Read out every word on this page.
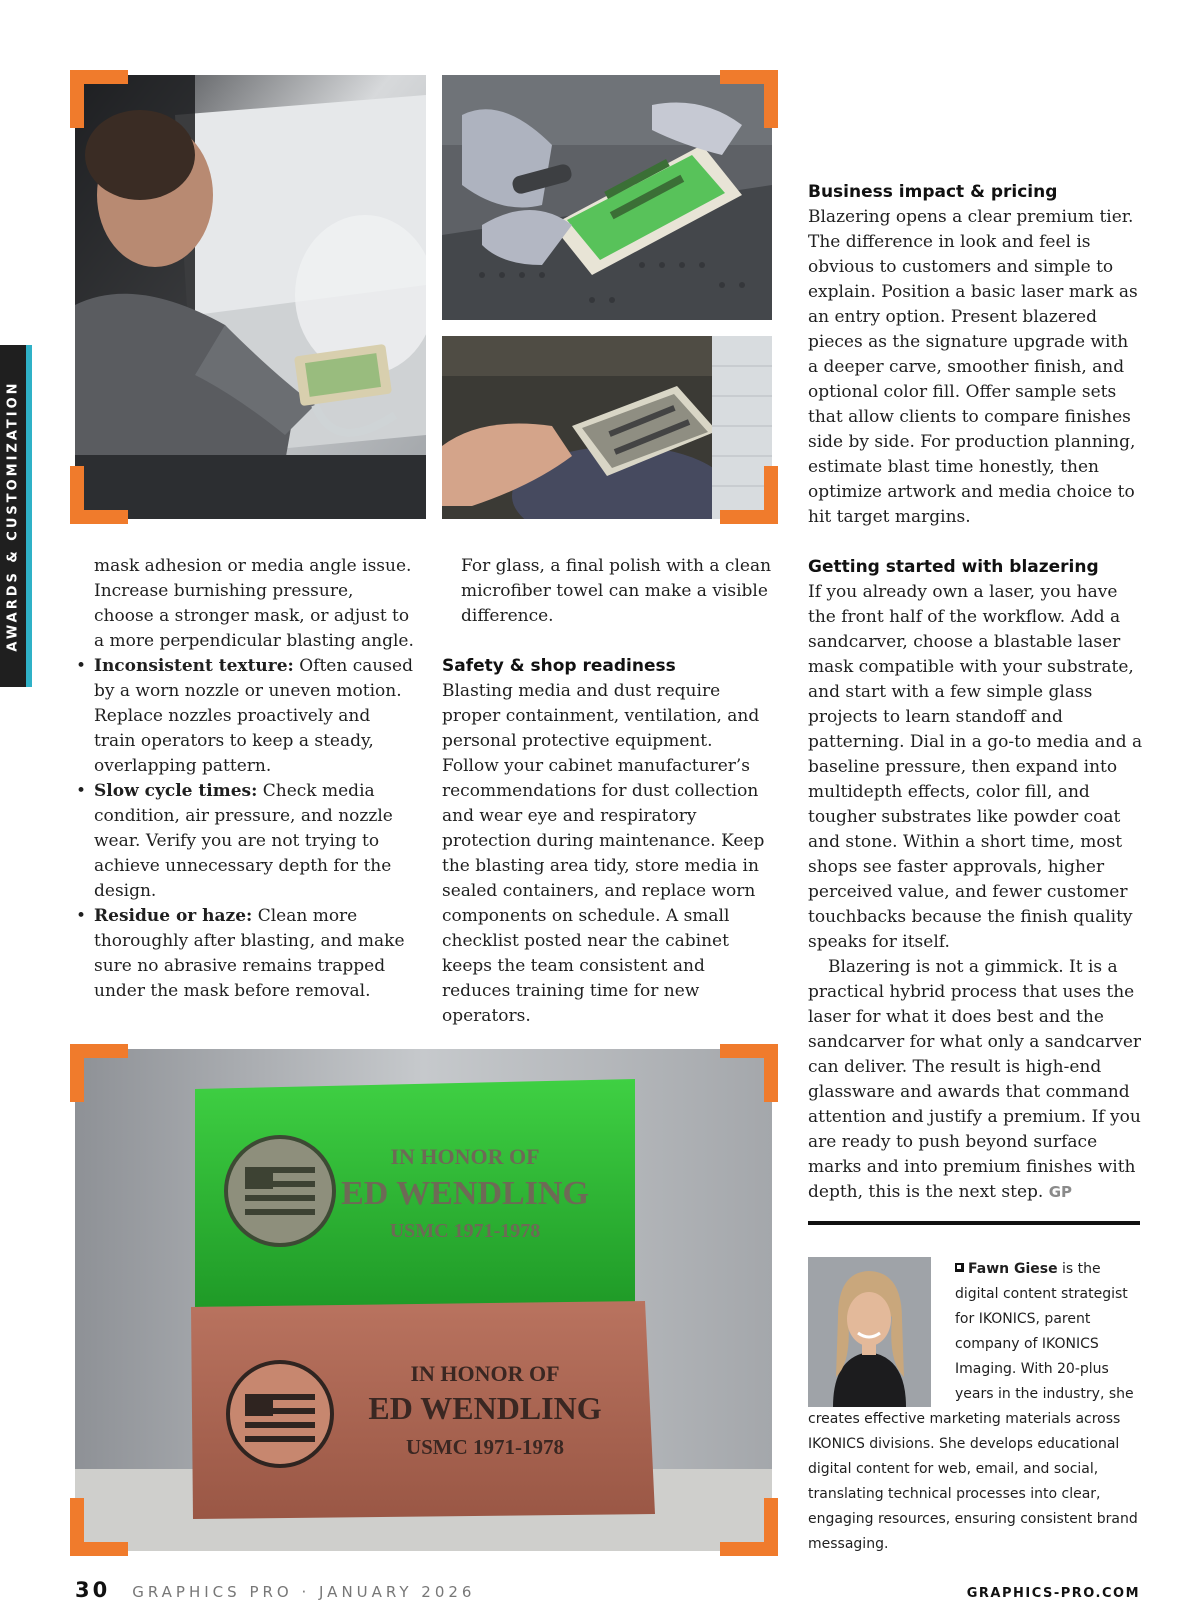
AWARDS & CUSTOMIZATION
IN HONOR OF
ED WENDLING
USMC 1971-1978
IN HONOR OF
ED WENDLING
USMC 1971-1978

mask adhesion or media angle issue. Increase burnishing pressure, choose a stronger mask, or adjust to a more perpendicular blasting angle.

• Inconsistent texture: Often caused by a worn nozzle or uneven motion. Replace nozzles proactively and train operators to keep a steady, overlapping pattern.
• Slow cycle times: Check media condition, air pressure, and nozzle wear. Verify you are not trying to achieve unnecessary depth for the design.
• Residue or haze: Clean more thoroughly after blasting, and make sure no abrasive remains trapped under the mask before removal.

For glass, a final polish with a clean microfiber towel can make a visible difference.

Safety & shop readiness

Blasting media and dust require proper containment, ventilation, and personal protective equipment. Follow your cabinet manufacturer’s recommendations for dust collection and wear eye and respiratory protection during maintenance. Keep the blasting area tidy, store media in sealed containers, and replace worn components on schedule. A small checklist posted near the cabinet keeps the team consistent and reduces training time for new operators.

Business impact & pricing

Blazering opens a clear premium tier. The difference in look and feel is obvious to customers and simple to explain. Position a basic laser mark as an entry option. Present blazered pieces as the signature upgrade with a deeper carve, smoother finish, and optional color fill. Offer sample sets that allow clients to compare finishes side by side. For production planning, estimate blast time honestly, then optimize artwork and media choice to hit target margins.

Getting started with blazering

If you already own a laser, you have the front half of the workflow. Add a sandcarver, choose a blastable laser mask compatible with your substrate, and start with a few simple glass projects to learn standoff and patterning. Dial in a go-to media and a baseline pressure, then expand into multidepth effects, color fill, and tougher substrates like powder coat and stone. Within a short time, most shops see faster approvals, higher perceived value, and fewer customer touchbacks because the finish quality speaks for itself.

Blazering is not a gimmick. It is a practical hybrid process that uses the laser for what it does best and the sandcarver for what only a sandcarver can deliver. The result is high-end glassware and awards that command attention and justify a premium. If you are ready to push beyond surface marks and into premium finishes with depth, this is the next step. GP

Fawn Giese is the digital content strategist for IKONICS, parent company of IKONICS Imaging. With 20-plus years in the industry, she creates effective marketing materials across IKONICS divisions. She develops educational digital content for web, email, and social, translating technical processes into clear, engaging resources, ensuring consistent brand messaging.
30 GRAPHICS PRO · JANUARY 2026	GRAPHICS-PRO.COM
